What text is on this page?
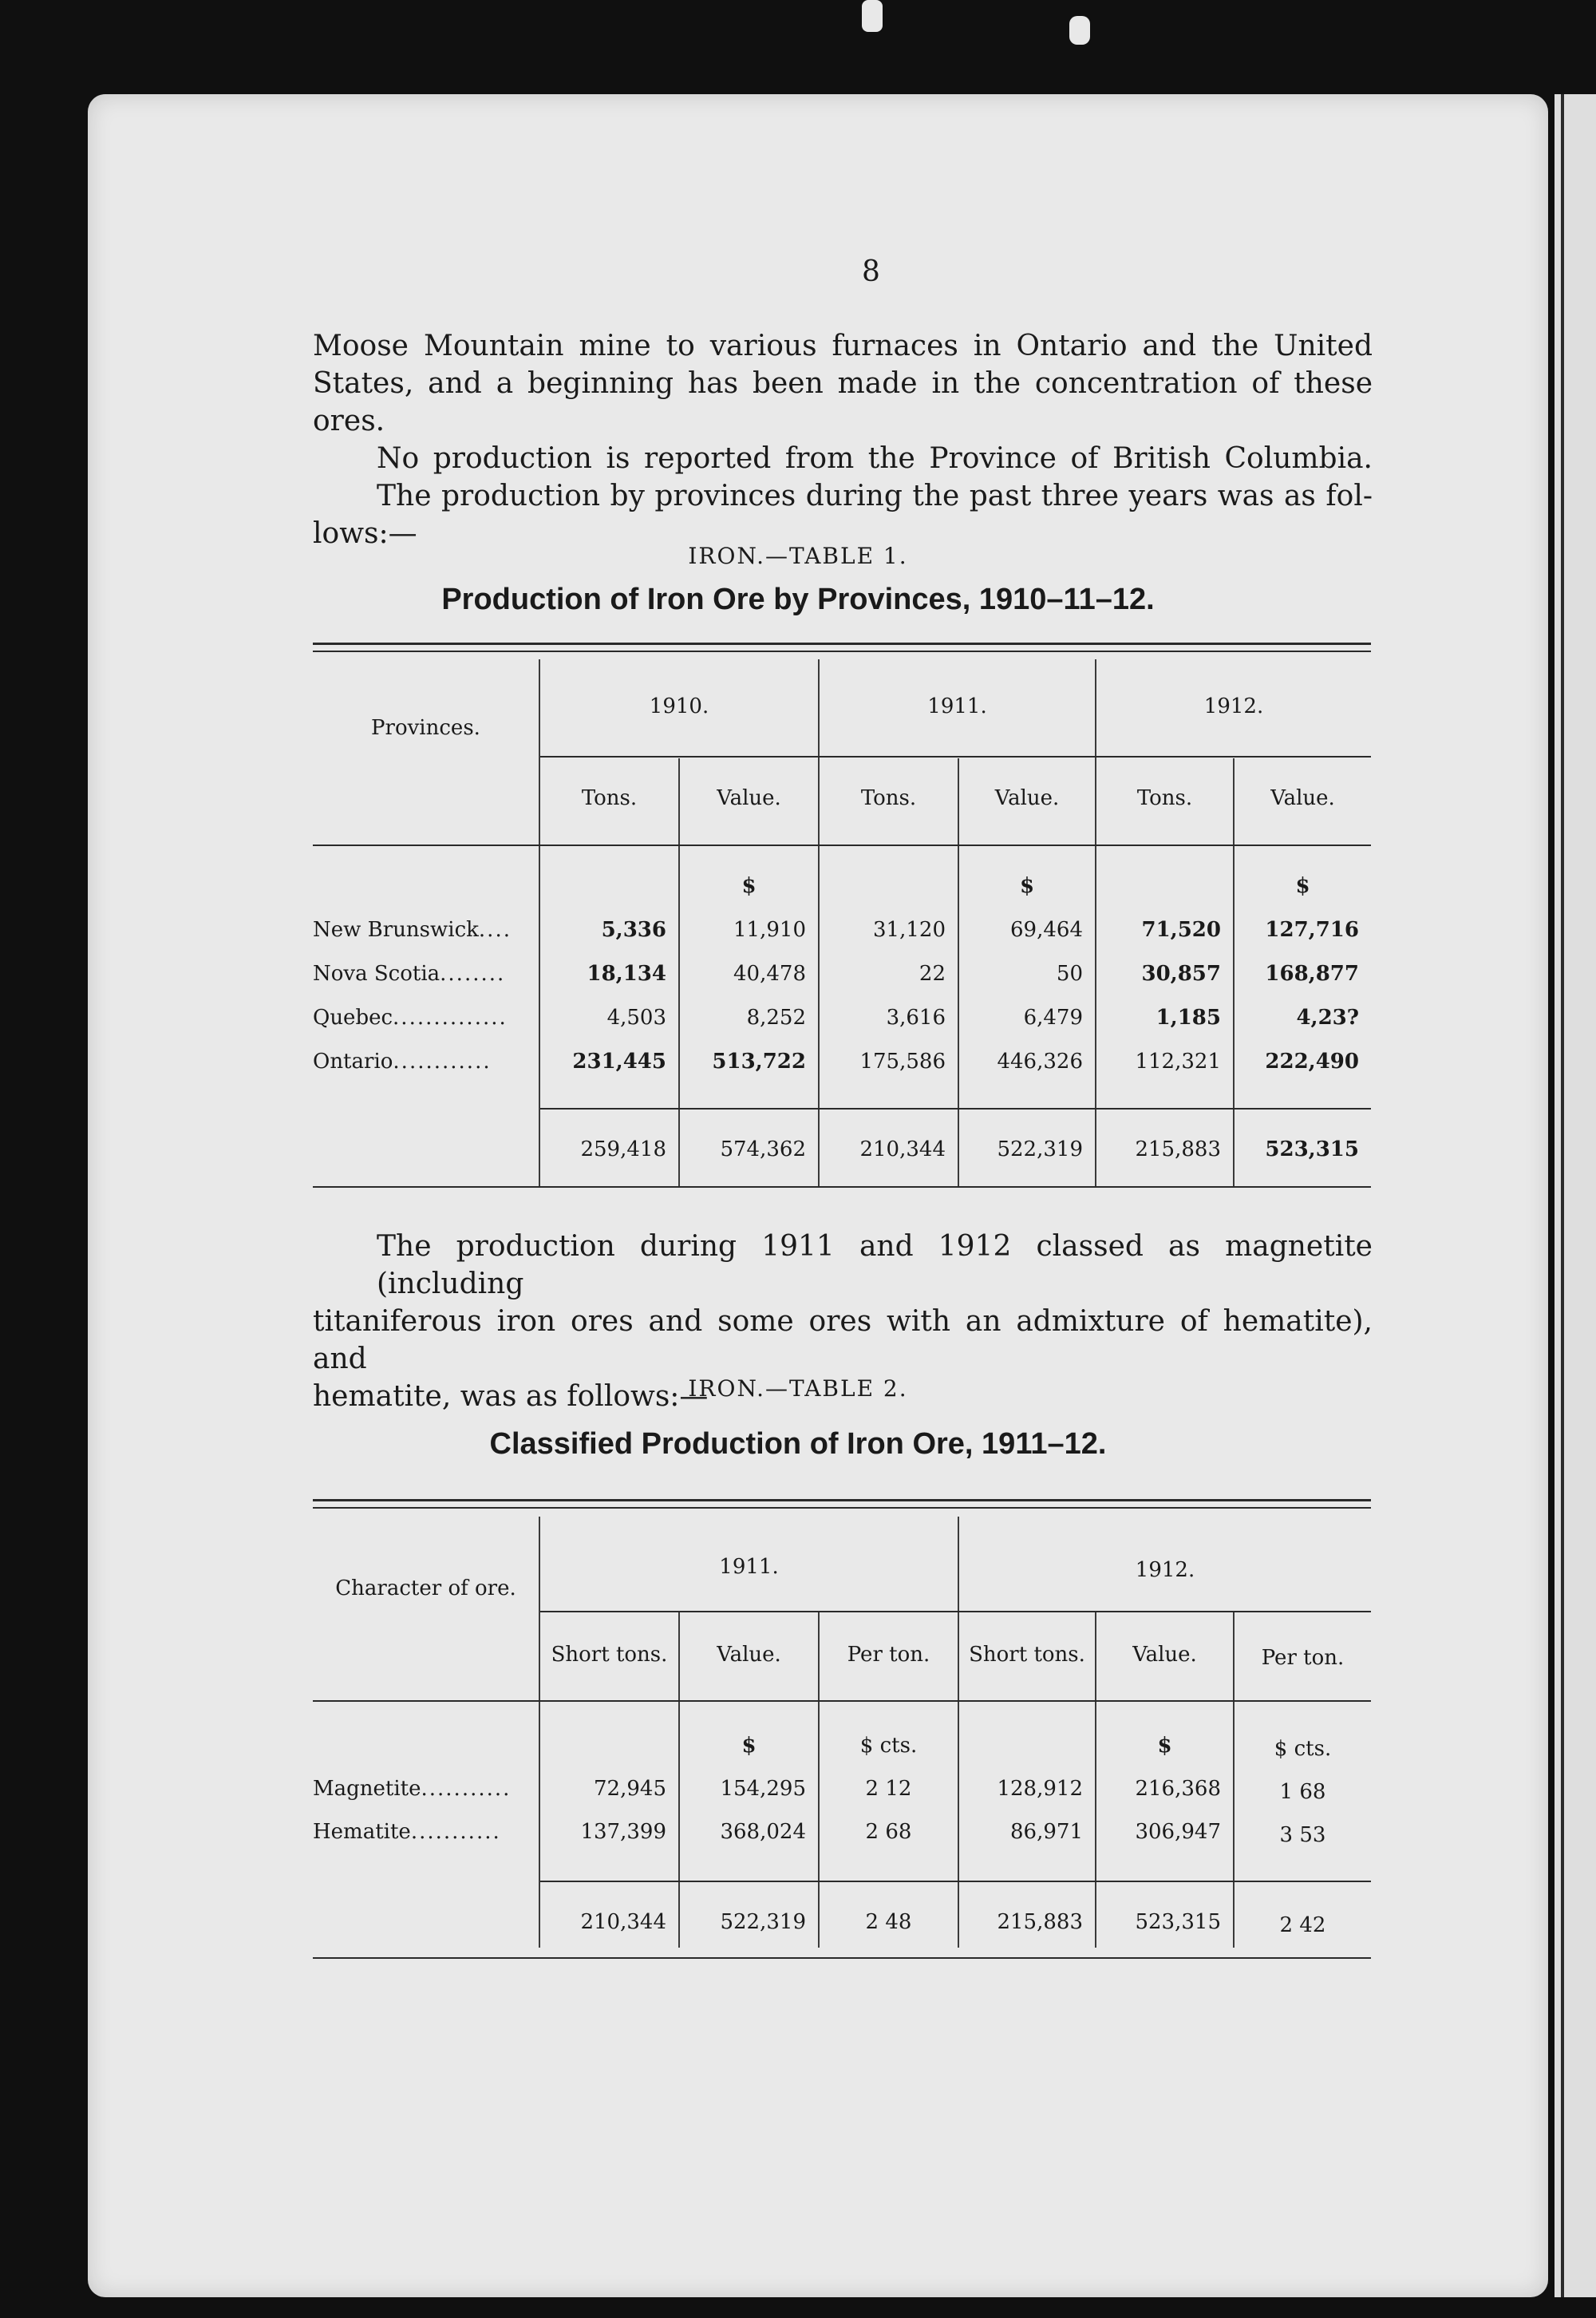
8
Moose Mountain mine to various furnaces in Ontario and the United
States, and a beginning has been made in the concentration of these ores.
No production is reported from the Province of British Columbia.
The production by provinces during the past three years was as fol-
lows:—
IRON.—TABLE 1.
Production of Iron Ore by Provinces, 1910–11–12.
Provinces.
1910.	1911.	1912.
Tons.	Value.	Tons.	Value.	Tons.	Value.
$	$	$
New Brunswick....	5,336	11,910	31,120	69,464	71,520	127,716
Nova Scotia........	18,134	40,478	22	50	30,857	168,877
Quebec..............	4,503	8,252	3,616	6,479	1,185	4,23?
Ontario............	231,445	513,722	175,586	446,326	112,321	222,490
259,418	574,362	210,344	522,319	215,883	523,315
The production during 1911 and 1912 classed as magnetite (including
titaniferous iron ores and some ores with an admixture of hematite), and
hematite, was as follows:—
IRON.—TABLE 2.
Classified Production of Iron Ore, 1911–12.
Character of ore.
1911.	1912.
Short tons.	Value.	Per ton.	Short tons.	Value.	Per ton.
$	$ cts.	$	$ cts.
Magnetite...........	72,945	154,295	2 12	128,912	216,368	1 68
Hematite...........	137,399	368,024	2 68	86,971	306,947	3 53
210,344	522,319	2 48	215,883	523,315	2 42
